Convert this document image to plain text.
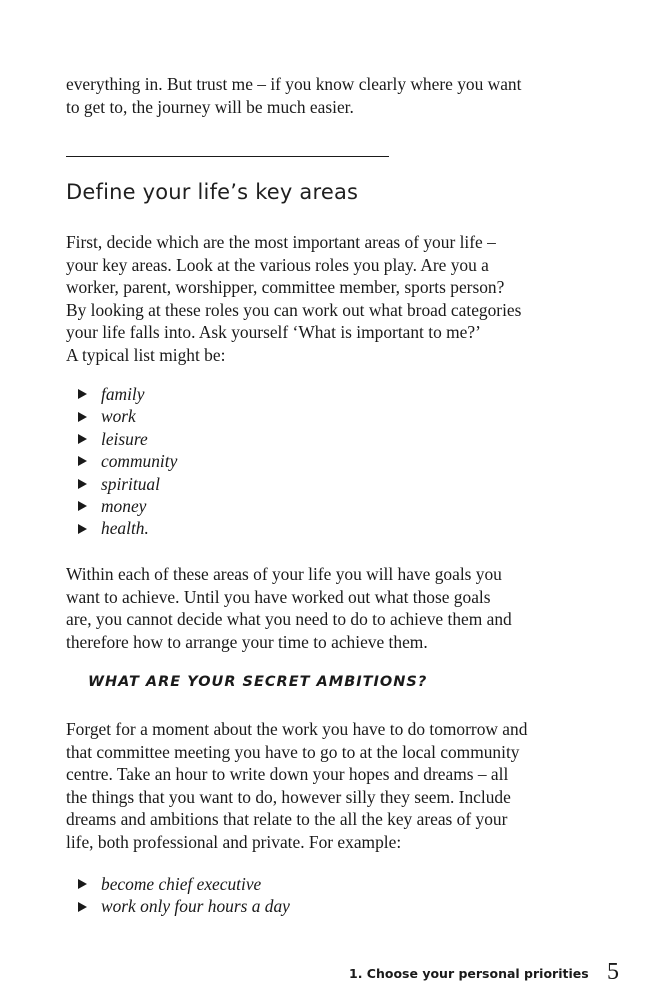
everything in. But trust me – if you know clearly where you want
to get to, the journey will be much easier.

Define your life’s key areas

First, decide which are the most important areas of your life –
your key areas. Look at the various roles you play. Are you a
worker, parent, worshipper, committee member, sports person?
By looking at these roles you can work out what broad categories
your life falls into. Ask yourself ‘What is important to me?’
A typical list might be:

family
work
leisure
community
spiritual
money
health.

Within each of these areas of your life you will have goals you
want to achieve. Until you have worked out what those goals
are, you cannot decide what you need to do to achieve them and
therefore how to arrange your time to achieve them.

WHAT ARE YOUR SECRET AMBITIONS?

Forget for a moment about the work you have to do tomorrow and
that committee meeting you have to go to at the local community
centre. Take an hour to write down your hopes and dreams – all
the things that you want to do, however silly they seem. Include
dreams and ambitions that relate to the all the key areas of your
life, both professional and private. For example:

become chief executive
work only four hours a day
1. Choose your personal priorities 5
